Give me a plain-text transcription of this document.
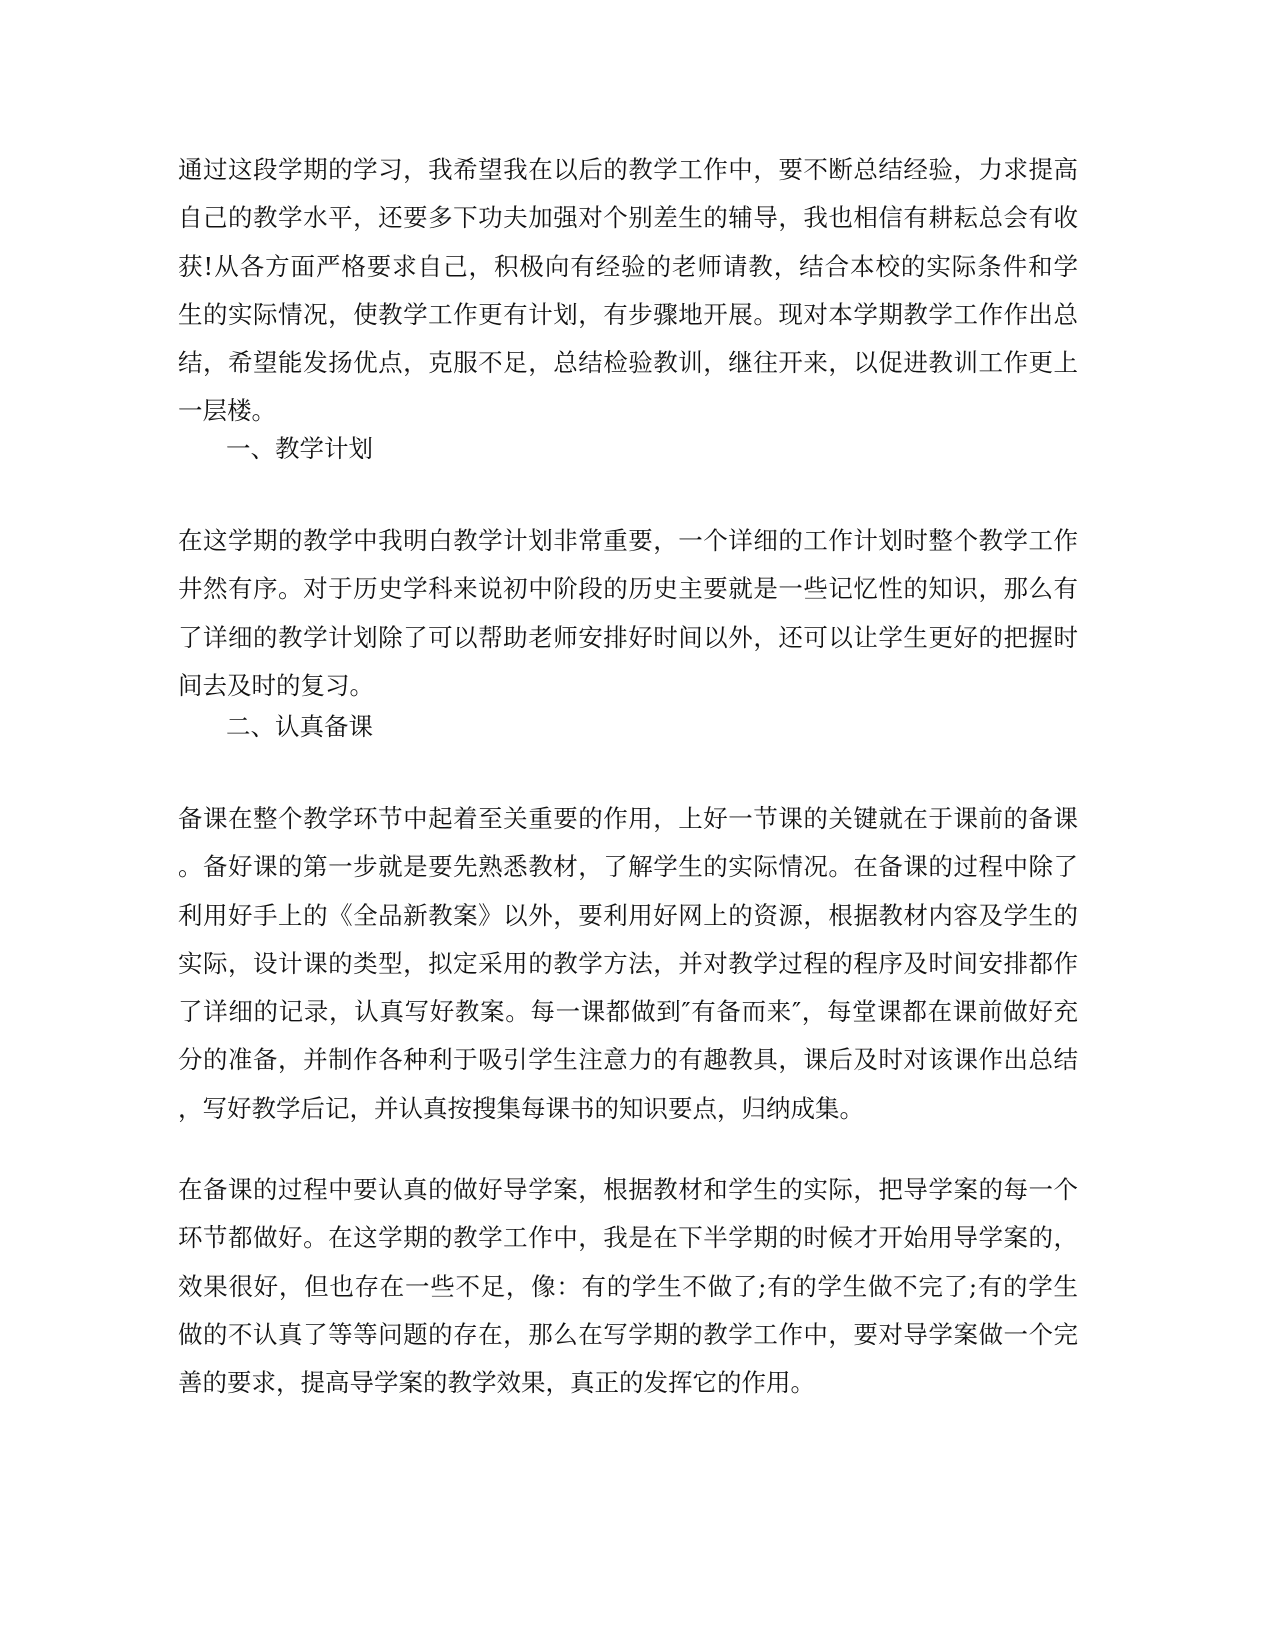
通过这段学期的学习，我希望我在以后的教学工作中，要不断总结经验，力求提高
自己的教学水平，还要多下功夫加强对个别差生的辅导，我也相信有耕耘总会有收
获!从各方面严格要求自己，积极向有经验的老师请教，结合本校的实际条件和学
生的实际情况，使教学工作更有计划，有步骤地开展。现对本学期教学工作作出总
结，希望能发扬优点，克服不足，总结检验教训，继往开来，以促进教训工作更上
一层楼。
一、教学计划
在这学期的教学中我明白教学计划非常重要，一个详细的工作计划时整个教学工作
井然有序。对于历史学科来说初中阶段的历史主要就是一些记忆性的知识，那么有
了详细的教学计划除了可以帮助老师安排好时间以外，还可以让学生更好的把握时
间去及时的复习。
二、认真备课
备课在整个教学环节中起着至关重要的作用，上好一节课的关键就在于课前的备课
。备好课的第一步就是要先熟悉教材，了解学生的实际情况。在备课的过程中除了
利用好手上的《全品新教案》以外，要利用好网上的资源，根据教材内容及学生的
实际，设计课的类型，拟定采用的教学方法，并对教学过程的程序及时间安排都作
了详细的记录，认真写好教案。每一课都做到″有备而来″，每堂课都在课前做好充
分的准备，并制作各种利于吸引学生注意力的有趣教具，课后及时对该课作出总结
，写好教学后记，并认真按搜集每课书的知识要点，归纳成集。
在备课的过程中要认真的做好导学案，根据教材和学生的实际，把导学案的每一个
环节都做好。在这学期的教学工作中，我是在下半学期的时候才开始用导学案的，
效果很好，但也存在一些不足，像：有的学生不做了;有的学生做不完了;有的学生
做的不认真了等等问题的存在，那么在写学期的教学工作中，要对导学案做一个完
善的要求，提高导学案的教学效果，真正的发挥它的作用。
